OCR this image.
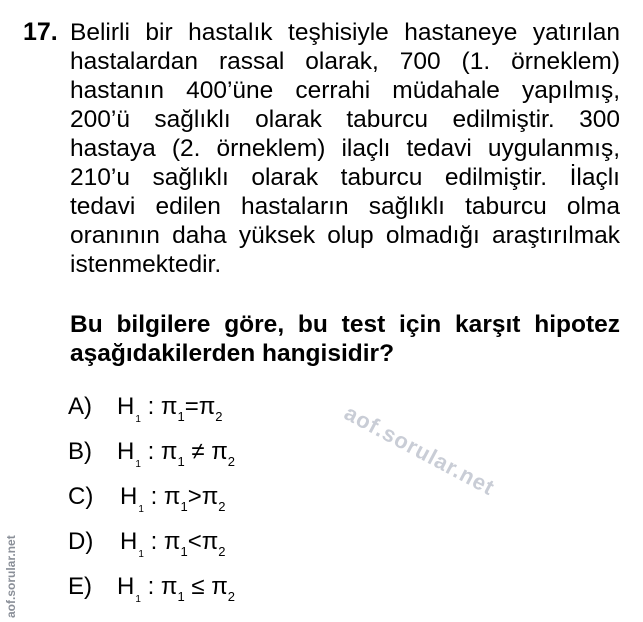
17. Belirli bir hastalık teşhisiyle hastaneye yatırılan
hastalardan rassal olarak, 700 (1. örneklem)
hastanın 400’üne cerrahi müdahale yapılmış,
200’ü sağlıklı olarak taburcu edilmiştir. 300
hastaya (2. örneklem) ilaçlı tedavi uygulanmış,
210’u sağlıklı olarak taburcu edilmiştir. İlaçlı
tedavi edilen hastaların sağlıklı taburcu olma
oranının daha yüksek olup olmadığı araştırılmak
istenmektedir.
Bu bilgilere göre, bu test için karşıt hipotez
aşağıdakilerden hangisidir?
A) $H_1$ : $\pi_1=\pi_2$
B) $H_1$ : $\pi_1 \ne \pi_2$
C) $H_1$ : $\pi_1>\pi_2$
D) $H_1$ : $\pi_1<\pi_2$
E) $H_1$ : $\pi_1 \le \pi_2$
aof.sorular.net
aof.sorular.net
